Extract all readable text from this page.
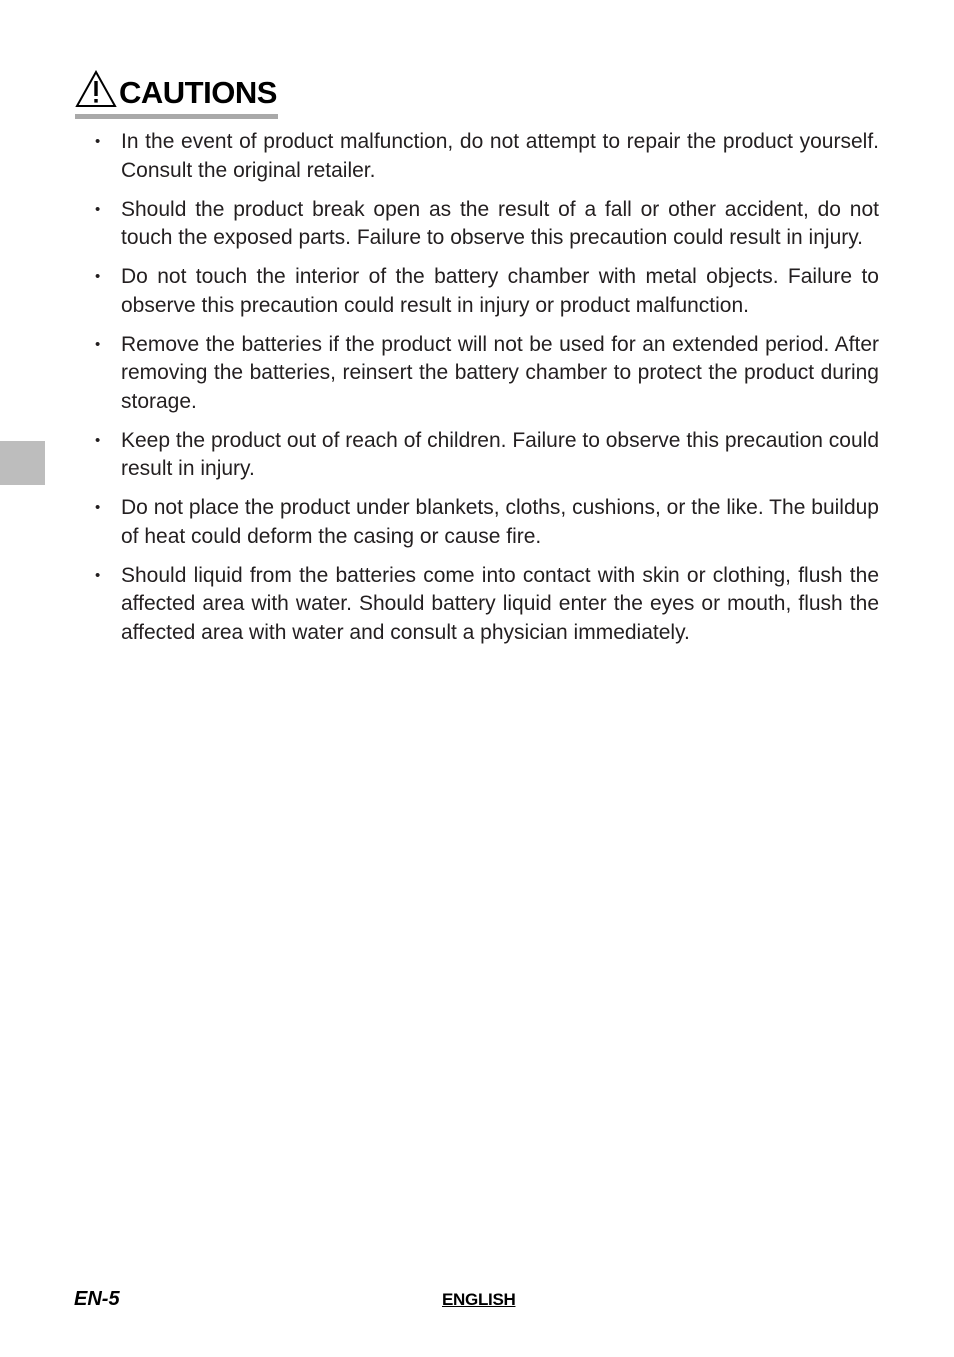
CAUTIONS
• In the event of product malfunction, do not attempt to repair the product yourself. Consult the original retailer.
• Should the product break open as the result of a fall or other accident, do not touch the exposed parts. Failure to observe this precaution could result in injury.
• Do not touch the interior of the battery chamber with metal objects. Failure to observe this precaution could result in injury or product malfunction.
• Remove the batteries if the product will not be used for an extended period. After removing the batteries, reinsert the battery chamber to protect the product during storage.
• Keep the product out of reach of children. Failure to observe this precaution could result in injury.
• Do not place the product under blankets, cloths, cushions, or the like. The buildup of heat could deform the casing or cause fire.
• Should liquid from the batteries come into contact with skin or clothing, flush the affected area with water. Should battery liquid enter the eyes or mouth, flush the affected area with water and consult a physician immediately.
EN-5	ENGLISH
